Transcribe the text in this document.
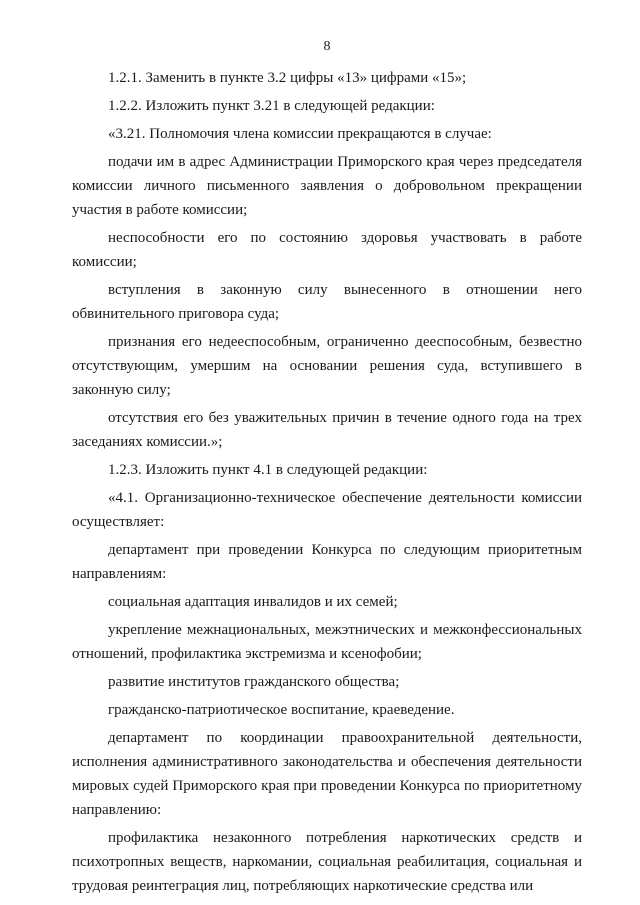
8

1.2.1. Заменить в пункте 3.2 цифры «13» цифрами «15»;

1.2.2. Изложить пункт 3.21 в следующей редакции:

«3.21. Полномочия члена комиссии прекращаются в случае:

подачи им в адрес Администрации Приморского края через председателя комиссии личного письменного заявления о добровольном прекращении участия в работе комиссии;

неспособности его по состоянию здоровья участвовать в работе комиссии;

вступления в законную силу вынесенного в отношении него обвинительного приговора суда;

признания его недееспособным, ограниченно дееспособным, безвестно отсутствующим, умершим на основании решения суда, вступившего в законную силу;

отсутствия его без уважительных причин в течение одного года на трех заседаниях комиссии.»;

1.2.3. Изложить пункт 4.1 в следующей редакции:

«4.1. Организационно-техническое обеспечение деятельности комиссии осуществляет:

департамент при проведении Конкурса по следующим приоритетным направлениям:

социальная адаптация инвалидов и их семей;

укрепление межнациональных, межэтнических и межконфессиональных отношений, профилактика экстремизма и ксенофобии;

развитие институтов гражданского общества;

гражданско-патриотическое воспитание, краеведение.

департамент по координации правоохранительной деятельности, исполнения административного законодательства и обеспечения деятельности мировых судей Приморского края при проведении Конкурса по приоритетному направлению:

профилактика незаконного потребления наркотических средств и психотропных веществ, наркомании, социальная реабилитация, социальная и трудовая реинтеграция лиц, потребляющих наркотические средства или
